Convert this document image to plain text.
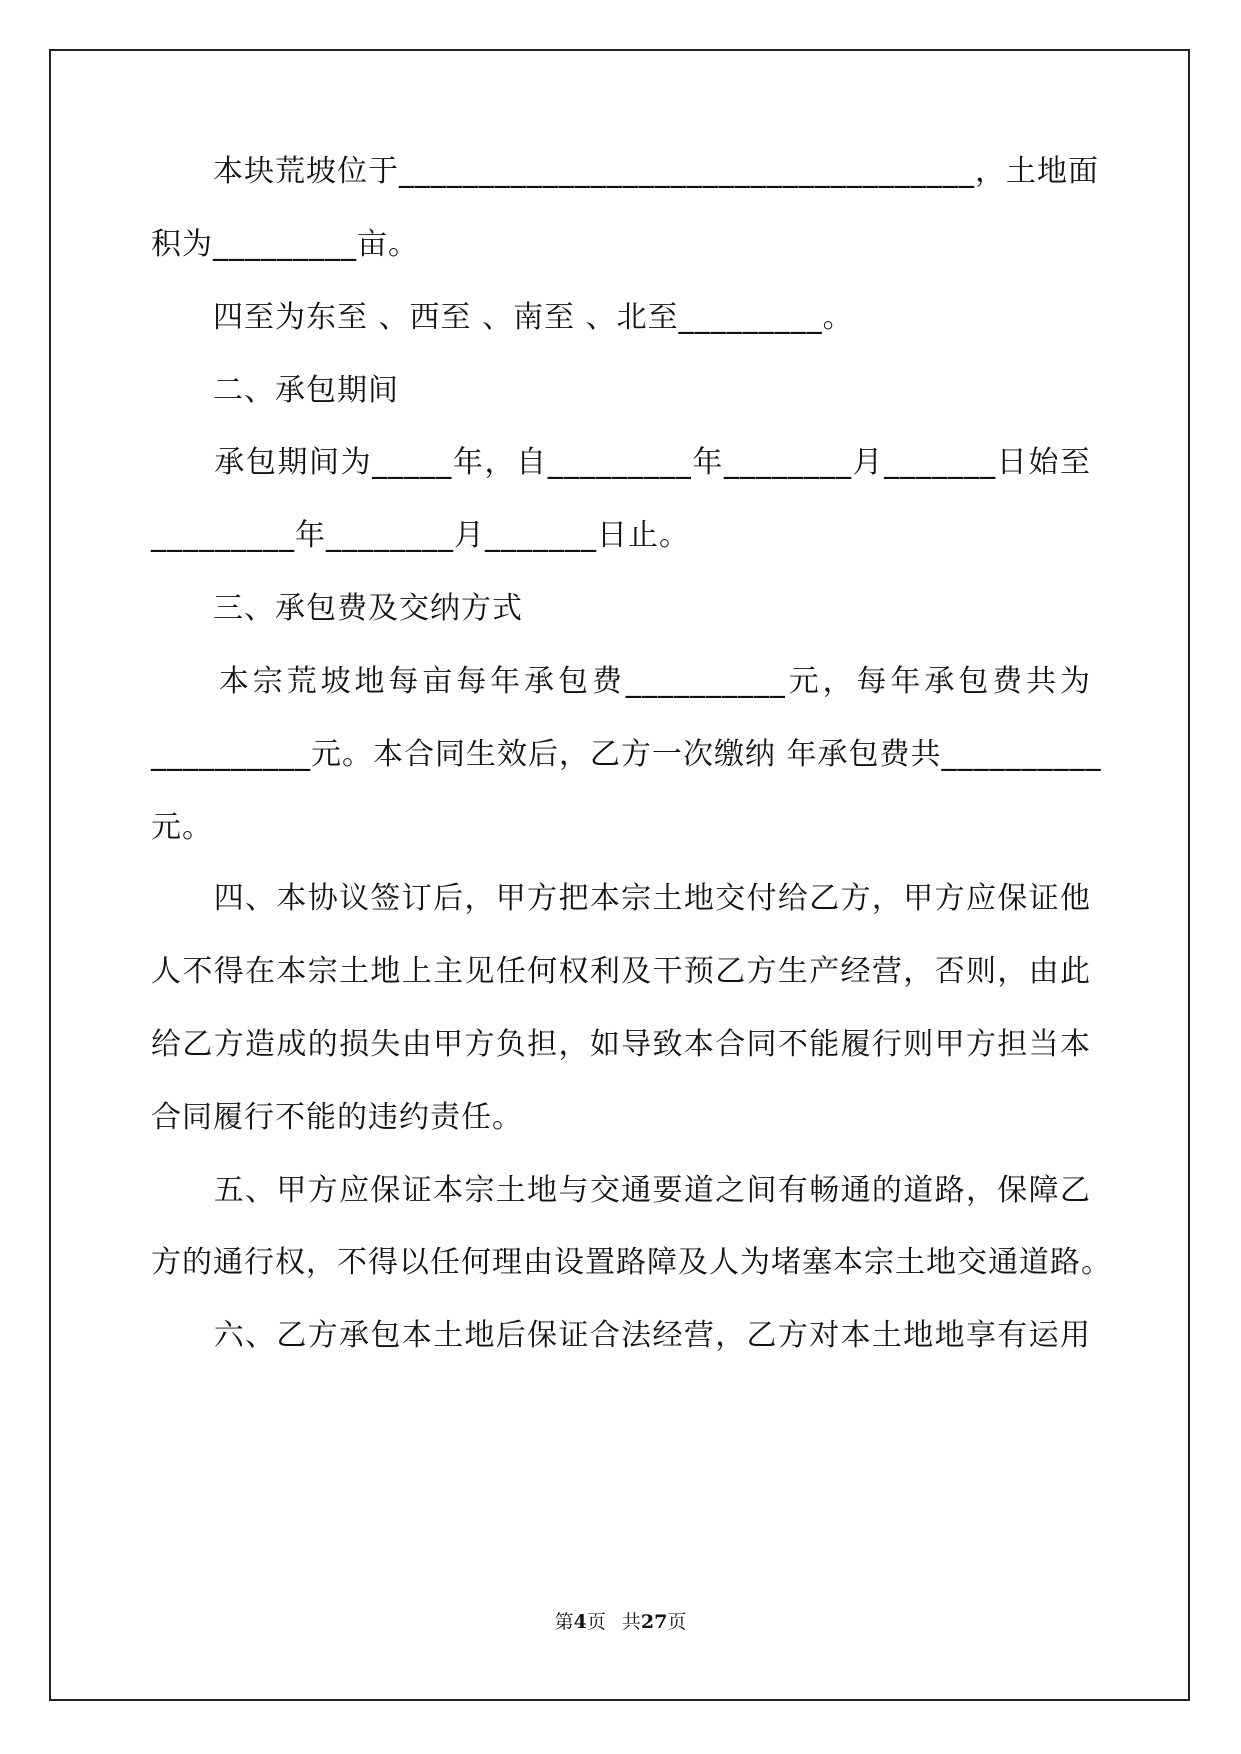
　　本块荒坡位于____________________________________，土地面
积为_________亩。
　　四至为东至 、西至 、南至 、北至_________。
　　二、承包期间
　　承包期间为_____年，自_________年________月_______日始至
_________年________月_______日止。
　　三、承包费及交纳方式
　　本宗荒坡地每亩每年承包费__________元，每年承包费共为
__________元。本合同生效后，乙方一次缴纳 年承包费共__________
元。
　　四、本协议签订后，甲方把本宗土地交付给乙方，甲方应保证他
人不得在本宗土地上主见任何权利及干预乙方生产经营，否则，由此
给乙方造成的损失由甲方负担，如导致本合同不能履行则甲方担当本
合同履行不能的违约责任。
　　五、甲方应保证本宗土地与交通要道之间有畅通的道路，保障乙
方的通行权，不得以任何理由设置路障及人为堵塞本宗土地交通道路。
　　六、乙方承包本土地后保证合法经营，乙方对本土地地享有运用
第4页 共27页
